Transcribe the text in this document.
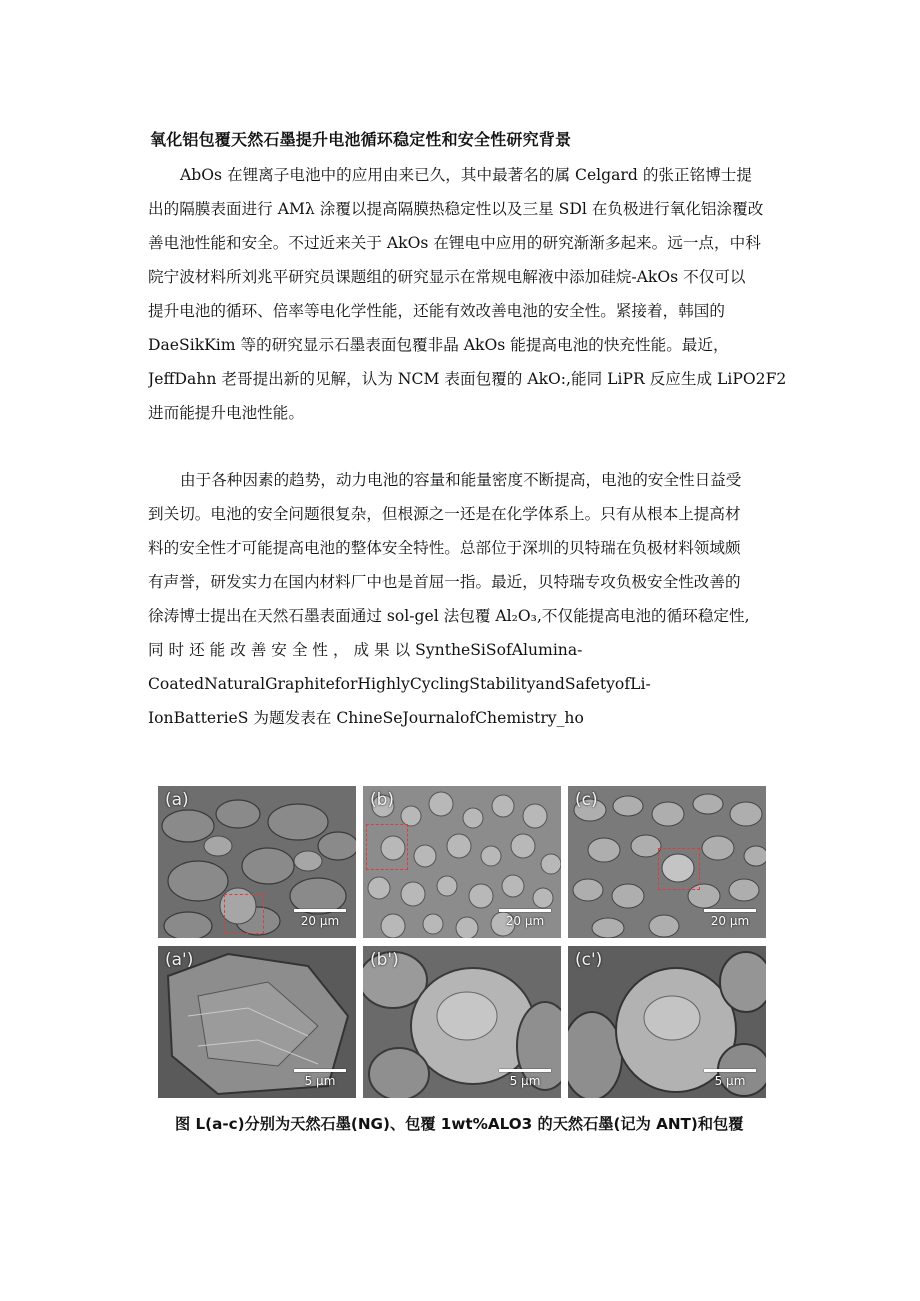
氧化铝包覆天然石墨提升电池循环稳定性和安全性研究背景
AbOs 在锂离子电池中的应用由来已久，其中最著名的属 Celgard 的张正铭博士提
出的隔膜表面进行 AMλ 涂覆以提高隔膜热稳定性以及三星 SDl 在负极进行氧化铝涂覆改
善电池性能和安全。不过近来关于 AkOs 在锂电中应用的研究渐渐多起来。远一点，中科
院宁波材料所刘兆平研究员课题组的研究显示在常规电解液中添加硅烷-AkOs 不仅可以
提升电池的循环、倍率等电化学性能，还能有效改善电池的安全性。紧接着，韩国的
DaeSikKim 等的研究显示石墨表面包覆非晶 AkOs 能提高电池的快充性能。最近，
JeffDahn 老哥提出新的见解，认为 NCM 表面包覆的 AkO:,能同 LiPR 反应生成 LiPO2F2
进而能提升电池性能。
由于各种因素的趋势，动力电池的容量和能量密度不断提高，电池的安全性日益受
到关切。电池的安全问题很复杂，但根源之一还是在化学体系上。只有从根本上提高材
料的安全性才可能提高电池的整体安全特性。总部位于深圳的贝特瑞在负极材料领域颇
有声誉，研发实力在国内材料厂中也是首屈一指。最近，贝特瑞专攻负极安全性改善的
徐涛博士提出在天然石墨表面通过 sol-gel 法包覆 Al₂O₃,不仅能提高电池的循环稳定性,
同 时 还 能 改 善 安 全 性 ， 成 果 以 SyntheSiSofAlumina-
CoatedNaturalGraphiteforHighlyCyclingStabilityandSafetyofLi-
IonBatterieS 为题发表在 ChineSeJournalofChemistry_ho
(a)
20 μm
(b)
20 μm
(c)
20 μm
(a')
5 μm
(b')
5 μm
(c')
5 μm
图 L(a-c)分别为天然石墨(NG)、包覆 1wt%ALO3 的天然石墨(记为 ANT)和包覆
